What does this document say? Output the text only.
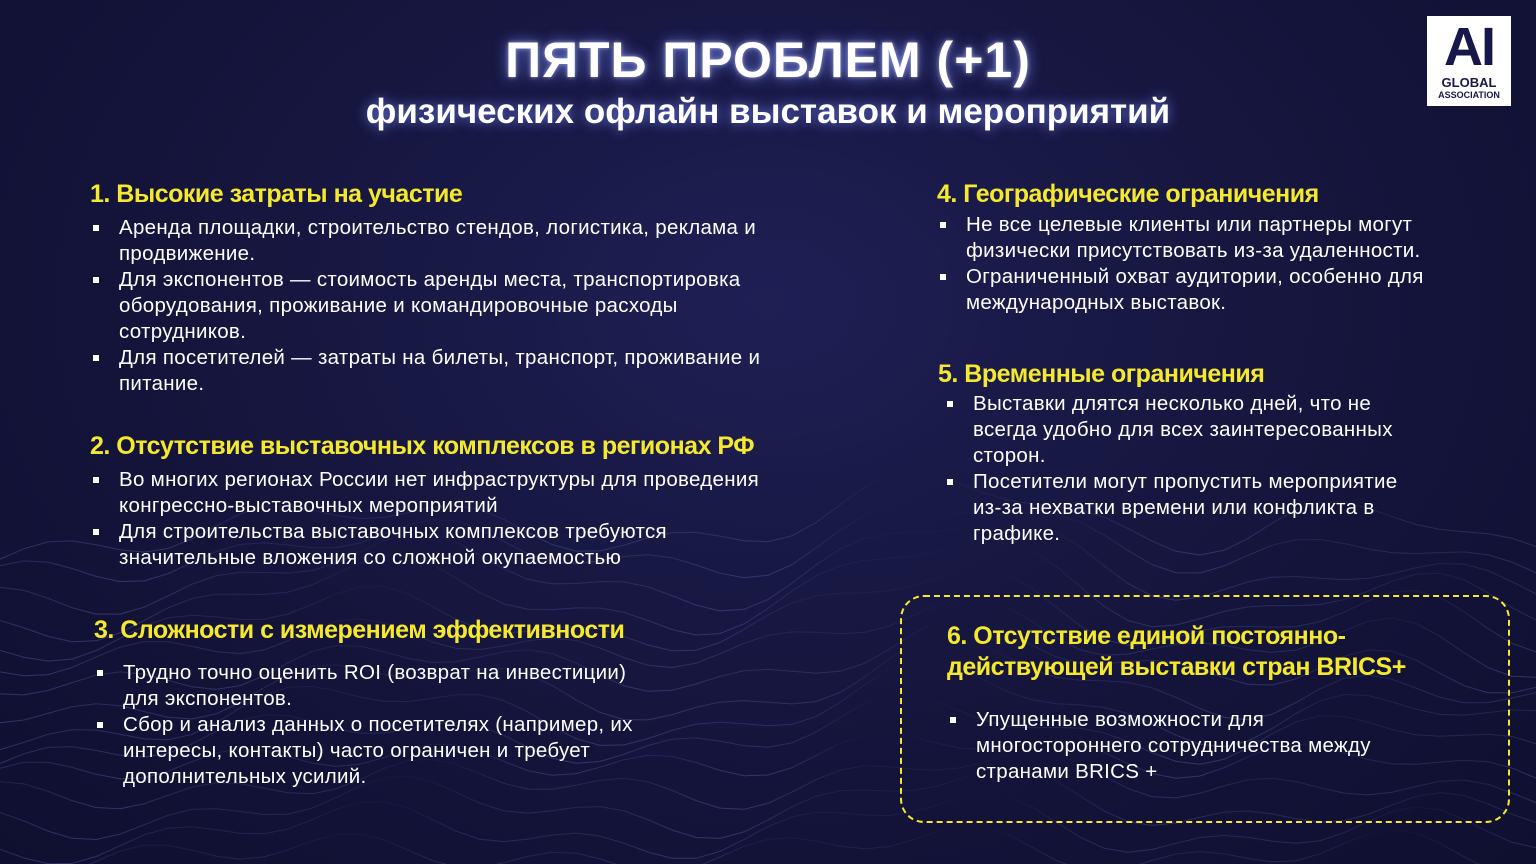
ПЯТЬ ПРОБЛЕМ (+1)
физических офлайн выставок и мероприятий
AI
GLOBAL
ASSOCIATION
1. Высокие затраты на участие
Аренда площадки, строительство стендов, логистика, реклама и
продвижение.
Для экспонентов — стоимость аренды места, транспортировка
оборудования, проживание и командировочные расходы
сотрудников.
Для посетителей — затраты на билеты, транспорт, проживание и
питание.
2. Отсутствие выставочных комплексов в регионах РФ
Во многих регионах России нет инфраструктуры для проведения
конгрессно-выставочных мероприятий
Для строительства выставочных комплексов требуются
значительные вложения со сложной окупаемостью
3. Сложности с измерением эффективности
Трудно точно оценить ROI (возврат на инвестиции)
для экспонентов.
Сбор и анализ данных о посетителях (например, их
интересы, контакты) часто ограничен и требует
дополнительных усилий.
4. Географические ограничения
Не все целевые клиенты или партнеры могут
физически присутствовать из-за удаленности.
Ограниченный охват аудитории, особенно для
международных выставок.
5. Временные ограничения
Выставки длятся несколько дней, что не
всегда удобно для всех заинтересованных
сторон.
Посетители могут пропустить мероприятие
из-за нехватки времени или конфликта в
графике.
6. Отсутствие единой постоянно-
действующей выставки стран BRICS+
Упущенные возможности для
многостороннего сотрудничества между
странами BRICS +
